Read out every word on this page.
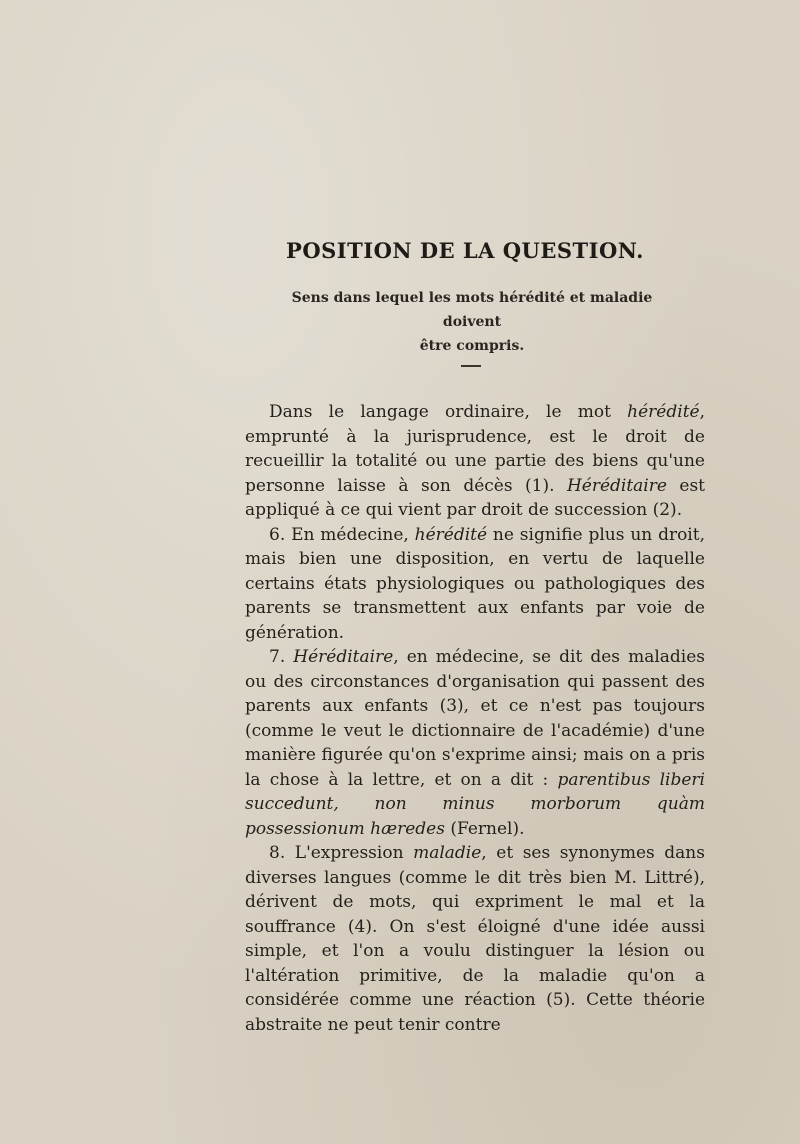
POSITION DE LA QUESTION.
Sens dans lequel les mots hérédité et maladie doivent
être compris.

Dans le langage ordinaire, le mot hérédité, emprunté à la jurisprudence, est le droit de recueillir la totalité ou une partie des biens qu'une personne laisse à son décès (1). Héréditaire est appliqué à ce qui vient par droit de succession (2).

6. En médecine, hérédité ne signifie plus un droit, mais bien une disposition, en vertu de laquelle certains états physiologiques ou pathologiques des parents se transmettent aux enfants par voie de génération.

7. Héréditaire, en médecine, se dit des maladies ou des circonstances d'organisation qui passent des parents aux enfants (3), et ce n'est pas toujours (comme le veut le dictionnaire de l'académie) d'une manière figurée qu'on s'exprime ainsi; mais on a pris la chose à la lettre, et on a dit : parentibus liberi succedunt, non minus morborum quàm possessionum hæredes (Fernel).

8. L'expression maladie, et ses synonymes dans diverses langues (comme le dit très bien M. Littré), dérivent de mots, qui expriment le mal et la souffrance (4). On s'est éloigné d'une idée aussi simple, et l'on a voulu distinguer la lésion ou l'altération primitive, de la maladie qu'on a considérée comme une réaction (5). Cette théorie abstraite ne peut tenir contre
